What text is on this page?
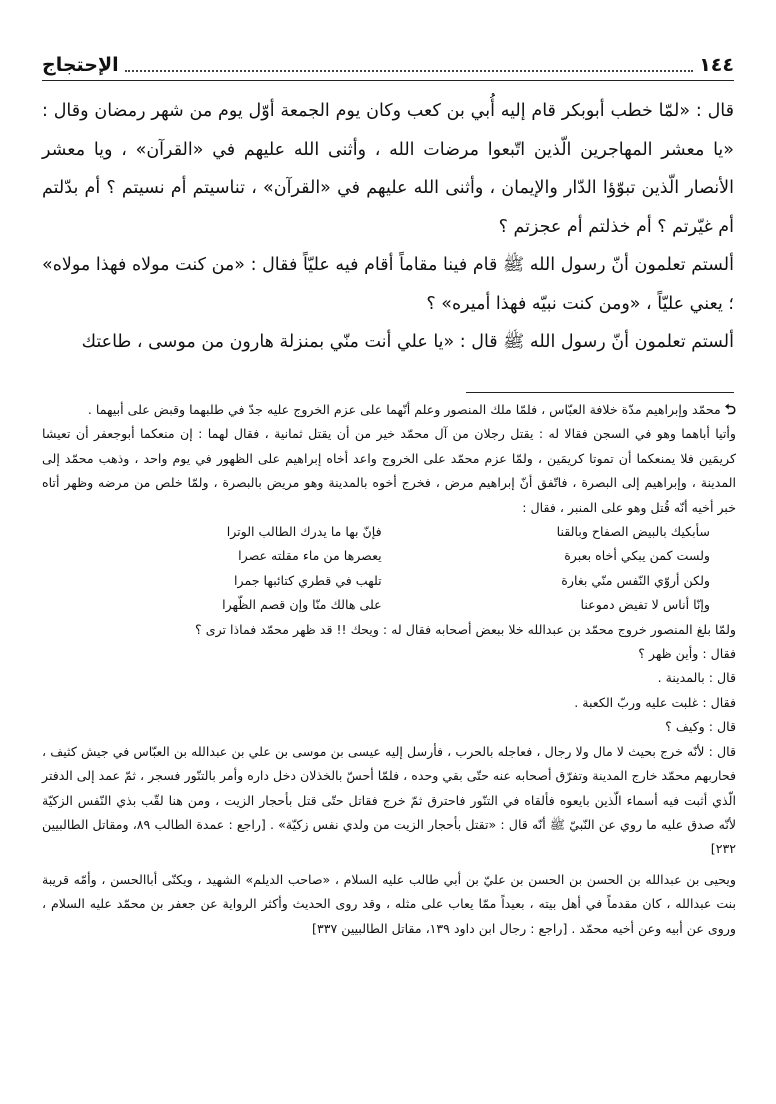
١٤٤
الإحتجاج

قال : «لمّا خطب أبوبكر قام إليه أُبي بن كعب وكان يوم الجمعة أوّل يوم من شهر رمضان وقال : «يا معشر المهاجرين الّذين اتّبعوا مرضات الله ، وأثنى الله عليهم في «القرآن» ، ويا معشر الأنصار الّذين تبوّؤا الدّار والإيمان ، وأثنى الله عليهم في «القرآن» ، تناسيتم أم نسيتم ؟ أم بدّلتم أم غيّرتم ؟ أم خذلتم أم عجزتم ؟

ألستم تعلمون أنّ رسول الله ﷺ قام فينا مقاماً أقام فيه عليّاً فقال : «من كنت مولاه فهذا مولاه» ؛ يعني عليّاً ، «ومن كنت نبيّه فهذا أميره» ؟

ألستم تعلمون أنّ رسول الله ﷺ قال : «يا علي أنت منّي بمنزلة هارون من موسى ، طاعتك

⮌محمّد وإبراهيم مدّة خلافة العبّاس ، فلمّا ملك المنصور وعلم أنّهما على عزم الخروج عليه جدّ في طلبهما وقبض على أبيهما .

وأتيا أباهما وهو في السجن فقالا له : يقتل رجلان من آل محمّد خير من أن يقتل ثمانية ، فقال لهما : إن منعكما أبوجعفر أن تعيشا كريمَين فلا يمنعكما أن تموتا كريمَين ، ولمّا عزم محمّد على الخروج واعد أخاه إبراهيم على الظهور في يوم واحد ، وذهب محمّد إلى المدينة ، وإبراهيم إلى البصرة ، فاتّفق أنّ إبراهيم مرض ، فخرج أخوه بالمدينة وهو مريض بالبصرة ، ولمّا خلص من مرضه وظهر أتاه خبر أخيه أنّه قُتل وهو على المنبر ، فقال :

سأبكيك بالبيض الصفاح وبالقنا
فإنّ بها ما يدرك الطالب الوترا
ولست كمن يبكي أخاه بعبرة
يعصرها من ماء مقلته عصرا
ولكن أروّي النّفس منّي بغارة
تلهب في قطري كتائبها جمرا
وإنّا أناس لا تفيض دموعنا
على هالك منّا وإن قصم الظّهرا

ولمّا بلغ المنصور خروج محمّد بن عبدالله خلا ببعض أصحابه فقال له : ويحك !! قد ظهر محمّد فماذا ترى ؟

فقال : وأين ظهر ؟

قال : بالمدينة .

فقال : غلبت عليه وربّ الكعبة .

قال : وكيف ؟

قال : لأنّه خرج بحيث لا مال ولا رجال ، فعاجله بالحرب ، فأرسل إليه عيسى بن موسى بن علي بن عبدالله بن العبّاس في جيش كثيف ، فحاربهم محمّد خارج المدينة وتفرّق أصحابه عنه حتّى بقي وحده ، فلمّا أحسّ بالخذلان دخل داره وأمر بالتنّور فسجر ، ثمّ عمد إلى الدفتر الّذي أثبت فيه أسماء الّذين بايعوه فألقاه في التنّور فاحترق ثمّ خرج فقاتل حتّى قتل بأحجار الزيت ، ومن هنا لقّب بذي النّفس الزكيّة لأنّه صدق عليه ما روي عن النّبيّ ﷺ أنّه قال : «تقتل بأحجار الزيت من ولدي نفس زكيّة» . [راجع : عمدة الطالب ٨٩، ومقاتل الطالبيين ٢٣٢]

ويحيى بن عبدالله بن الحسن بن الحسن بن عليّ بن أبي طالب عليه السلام ، «صاحب الديلم» الشهيد ، ويكنّى أباالحسن ، وأمّه قريبة بنت عبدالله ، كان مقدماً في أهل بيته ، بعيداً ممّا يعاب على مثله ، وقد روى الحديث وأكثر الرواية عن جعفر بن محمّد عليه السلام ، وروى عن أبيه وعن أخيه محمّد . [راجع : رجال ابن داود ١٣٩، مقاتل الطالبيين ٣٣٧]
